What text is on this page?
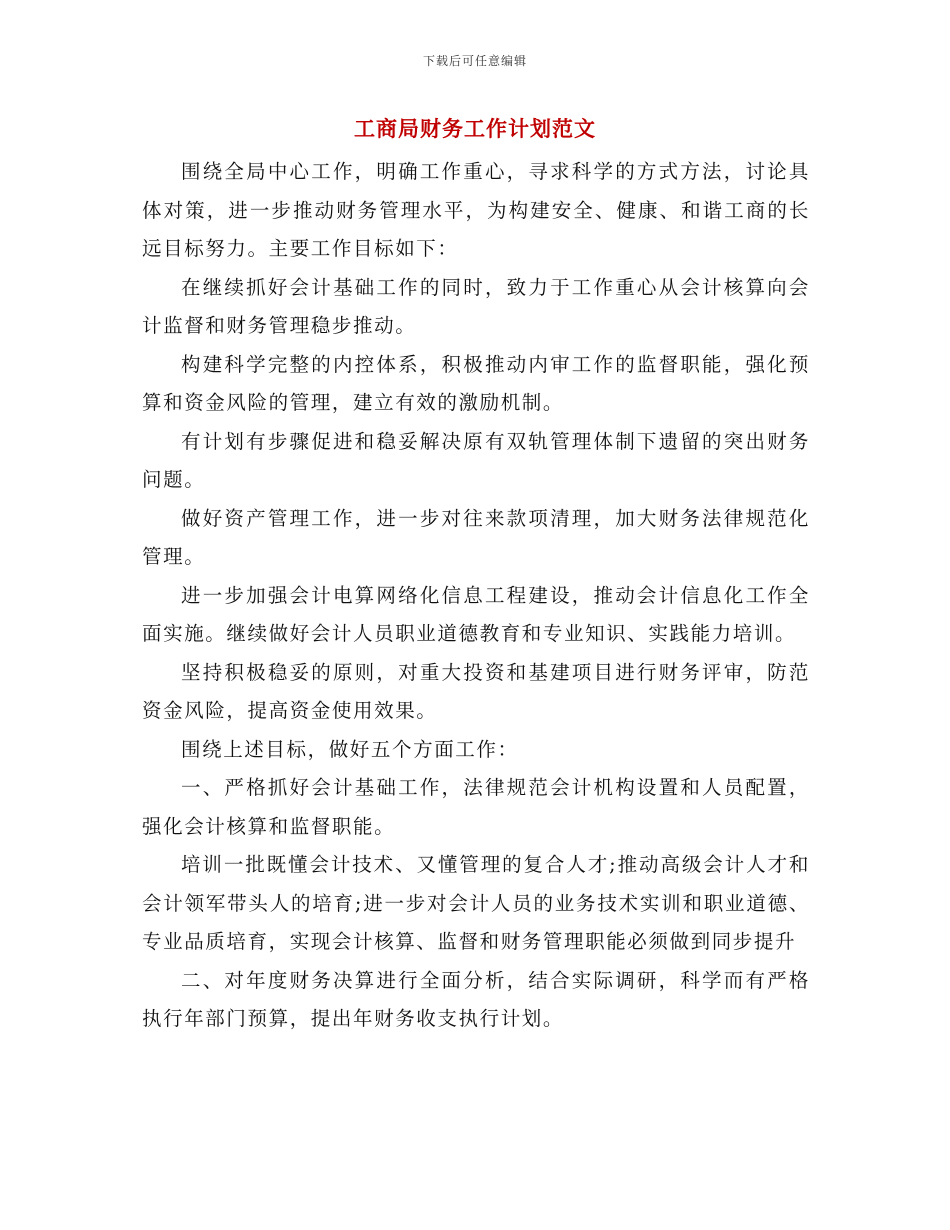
下载后可任意编辑
工商局财务工作计划范文

围绕全局中心工作，明确工作重心，寻求科学的方式方法，讨论具体对策，进一步推动财务管理水平，为构建安全、健康、和谐工商的长远目标努力。主要工作目标如下：

在继续抓好会计基础工作的同时，致力于工作重心从会计核算向会计监督和财务管理稳步推动。

构建科学完整的内控体系，积极推动内审工作的监督职能，强化预算和资金风险的管理，建立有效的激励机制。

有计划有步骤促进和稳妥解决原有双轨管理体制下遗留的突出财务问题。

做好资产管理工作，进一步对往来款项清理，加大财务法律规范化管理。

进一步加强会计电算网络化信息工程建设，推动会计信息化工作全面实施。继续做好会计人员职业道德教育和专业知识、实践能力培训。

坚持积极稳妥的原则，对重大投资和基建项目进行财务评审，防范资金风险，提高资金使用效果。

围绕上述目标，做好五个方面工作：

一、严格抓好会计基础工作，法律规范会计机构设置和人员配置，强化会计核算和监督职能。

培训一批既懂会计技术、又懂管理的复合人才;推动高级会计人才和会计领军带头人的培育;进一步对会计人员的业务技术实训和职业道德、专业品质培育，实现会计核算、监督和财务管理职能必须做到同步提升

二、对年度财务决算进行全面分析，结合实际调研，科学而有严格执行年部门预算，提出年财务收支执行计划。
